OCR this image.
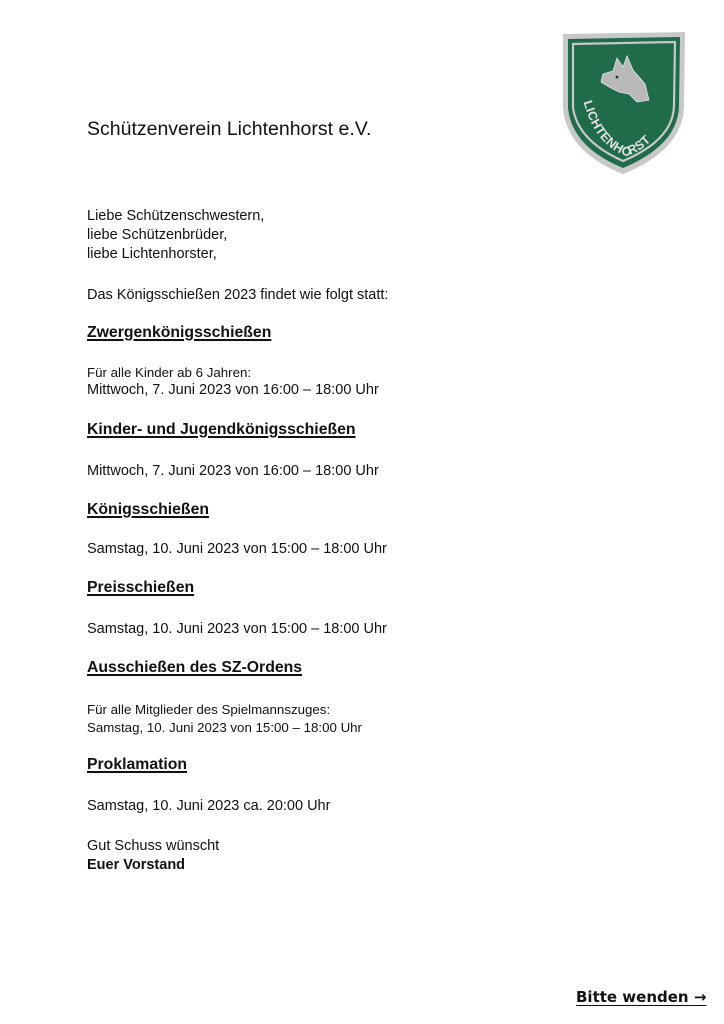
LICHTENHORST
Schützenverein Lichtenhorst e.V.
Liebe Schützenschwestern,
liebe Schützenbrüder,
liebe Lichtenhorster,
Das Königsschießen 2023 findet wie folgt statt:
Zwergenkönigsschießen
Für alle Kinder ab 6 Jahren:
Mittwoch, 7. Juni 2023 von 16:00 – 18:00 Uhr
Kinder- und Jugendkönigsschießen
Mittwoch, 7. Juni 2023 von 16:00 – 18:00 Uhr
Königsschießen
Samstag, 10. Juni 2023 von 15:00 – 18:00 Uhr
Preisschießen
Samstag, 10. Juni 2023 von 15:00 – 18:00 Uhr
Ausschießen des SZ-Ordens
Für alle Mitglieder des Spielmannszuges:
Samstag, 10. Juni 2023 von 15:00 – 18:00 Uhr
Proklamation
Samstag, 10. Juni 2023 ca. 20:00 Uhr
Gut Schuss wünscht
Euer Vorstand
Bitte wenden →
